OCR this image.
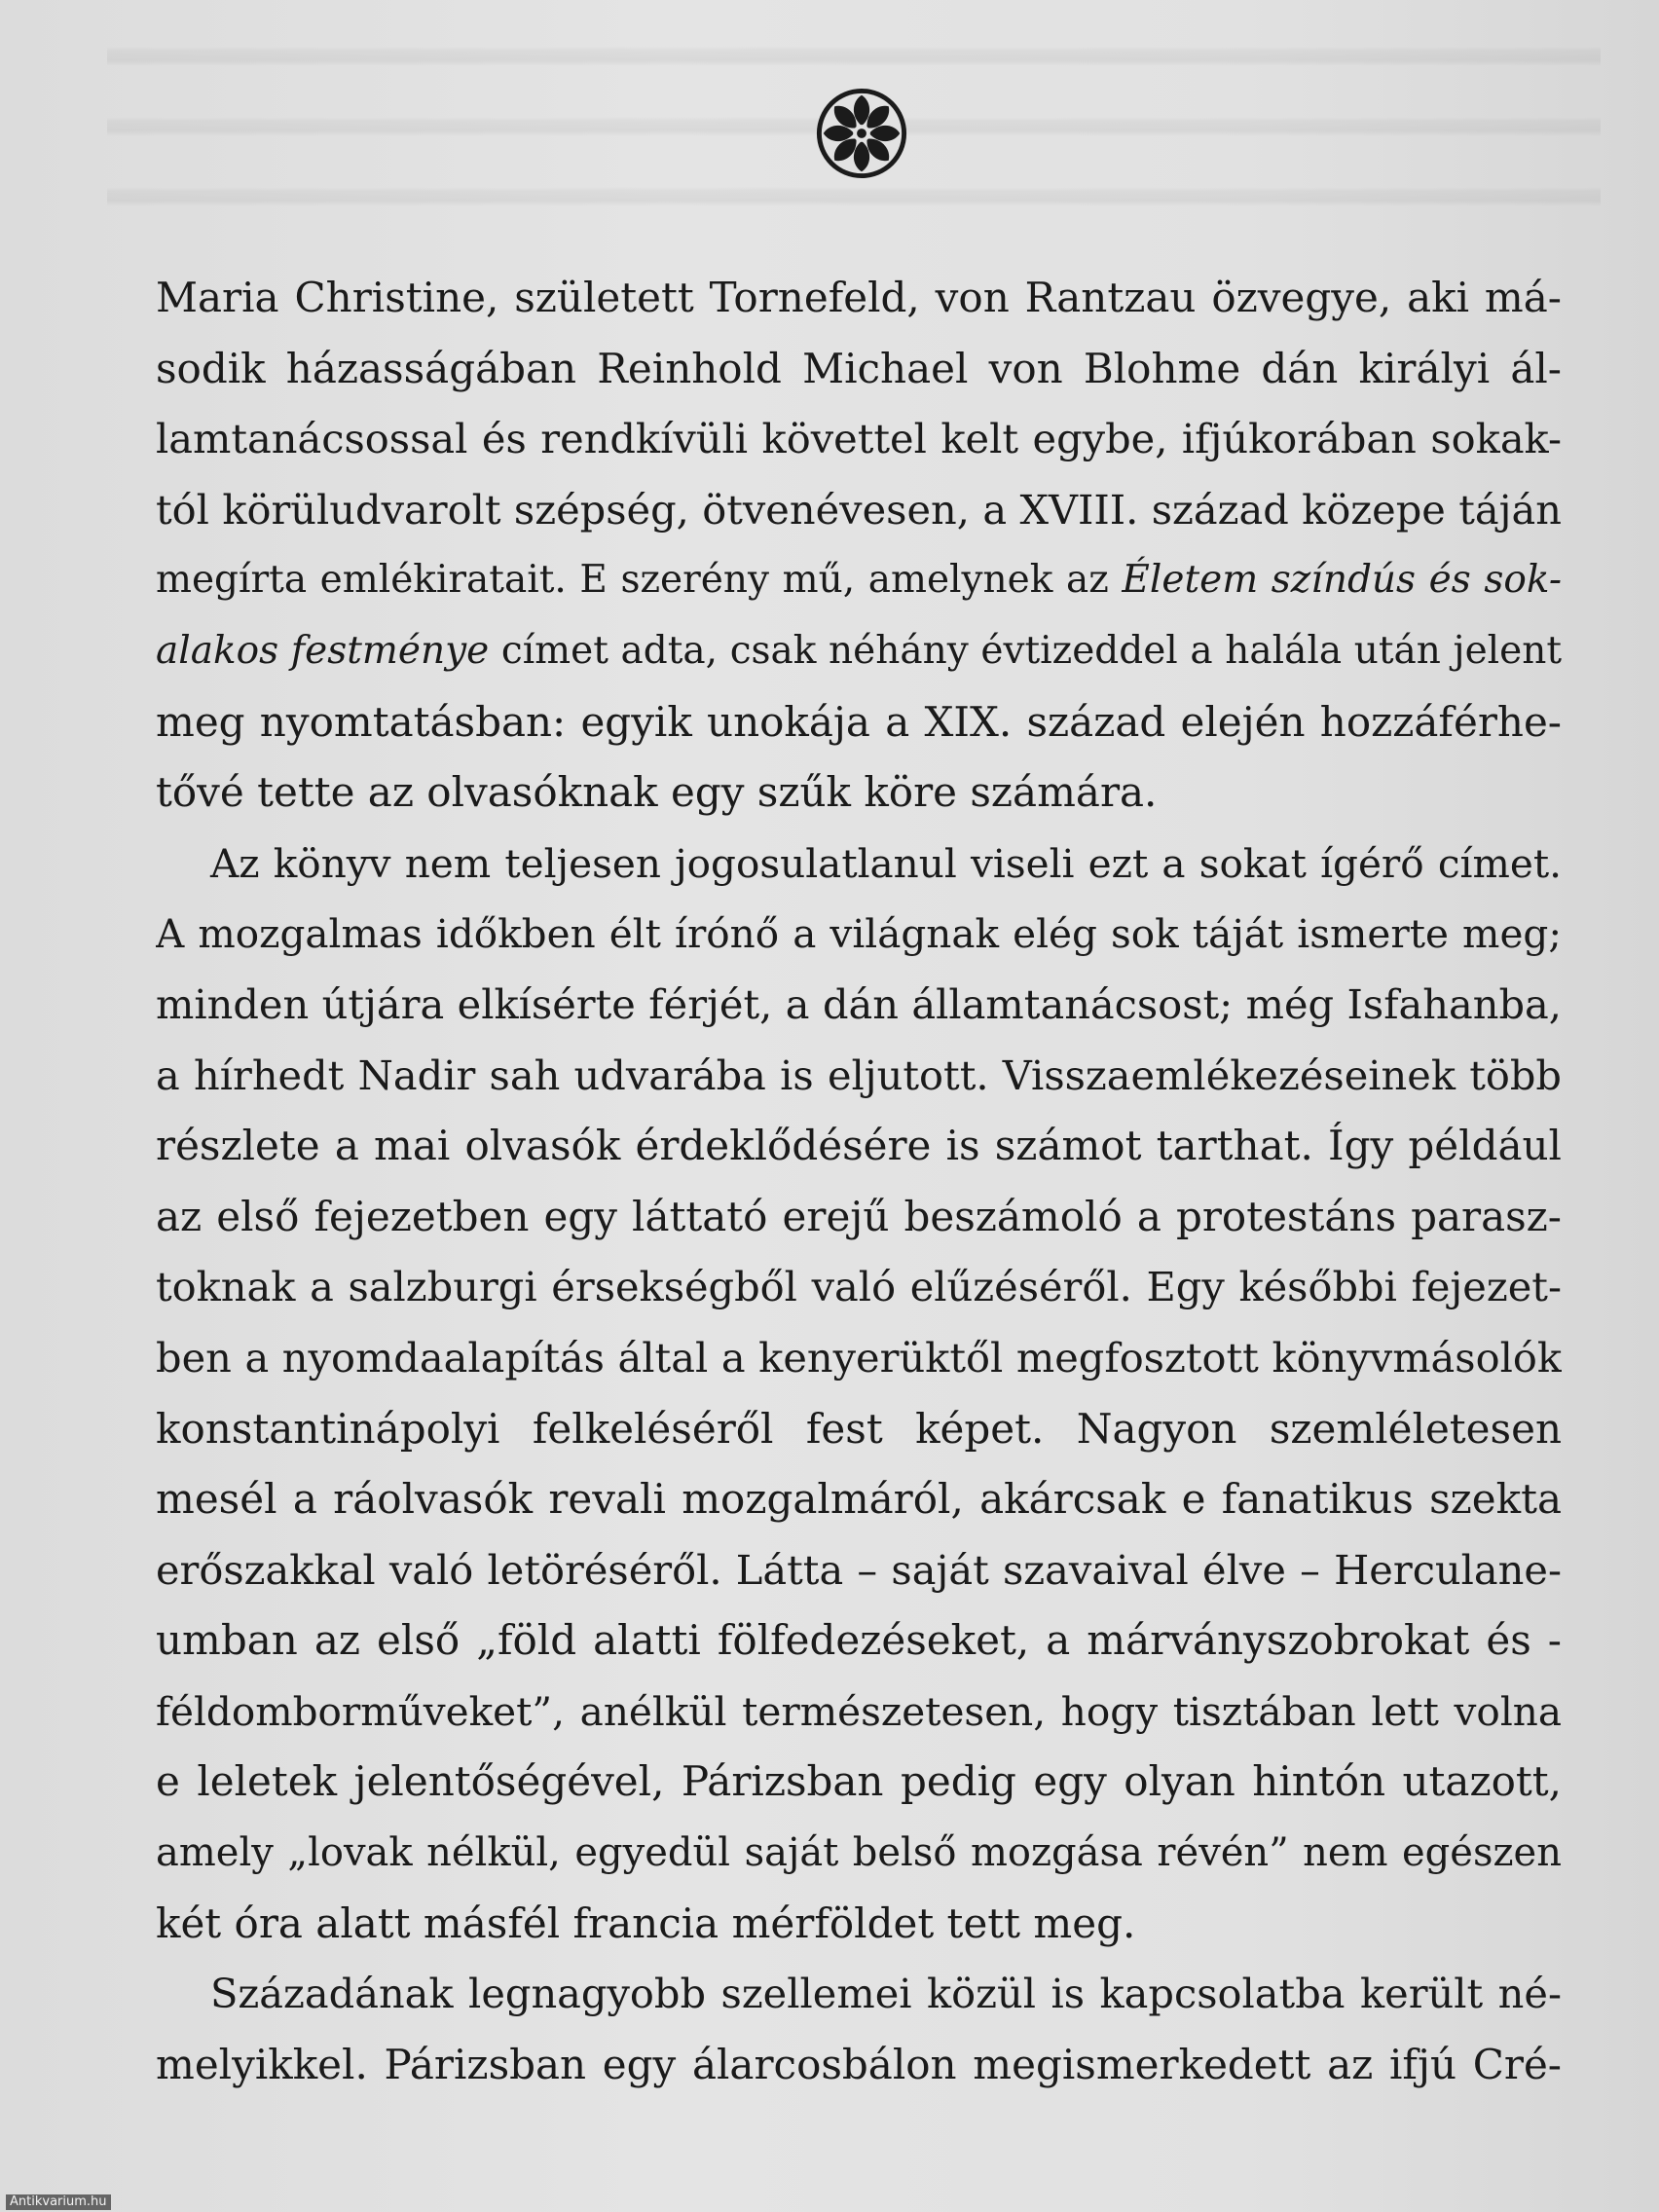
Maria Christine, született Tornefeld, von Rantzau özvegye, aki má-
sodik házasságában Reinhold Michael von Blohme dán királyi ál-
lamtanácsossal és rendkívüli követtel kelt egybe, ifjúkorában sokak-
tól körüludvarolt szépség, ötvenévesen, a XVIII. század közepe táján
megírta emlékiratait. E szerény mű, amelynek az Életem színdús és sok-
alakos festménye címet adta, csak néhány évtizeddel a halála után jelent
meg nyomtatásban: egyik unokája a XIX. század elején hozzáférhe-
tővé tette az olvasóknak egy szűk köre számára.
Az könyv nem teljesen jogosulatlanul viseli ezt a sokat ígérő címet.
A mozgalmas időkben élt írónő a világnak elég sok táját ismerte meg;
minden útjára elkísérte férjét, a dán államtanácsost; még Isfahanba,
a hírhedt Nadir sah udvarába is eljutott. Visszaemlékezéseinek több
részlete a mai olvasók érdeklődésére is számot tarthat. Így például
az első fejezetben egy láttató erejű beszámoló a protestáns parasz-
toknak a salzburgi érsekségből való elűzéséről. Egy későbbi fejezet-
ben a nyomdaalapítás által a kenyerüktől megfosztott könyvmásolók
konstantinápolyi felkeléséről fest képet. Nagyon szemléletesen
mesél a ráolvasók revali mozgalmáról, akárcsak e fanatikus szekta
erőszakkal való letöréséről. Látta – saját szavaival élve – Herculane-
umban az első „föld alatti fölfedezéseket, a márványszobrokat és -
féldomborműveket”, anélkül természetesen, hogy tisztában lett volna
e leletek jelentőségével, Párizsban pedig egy olyan hintón utazott,
amely „lovak nélkül, egyedül saját belső mozgása révén” nem egészen
két óra alatt másfél francia mérföldet tett meg.
Századának legnagyobb szellemei közül is kapcsolatba került né-
melyikkel. Párizsban egy álarcosbálon megismerkedett az ifjú Cré-
Antikvarium.hu
